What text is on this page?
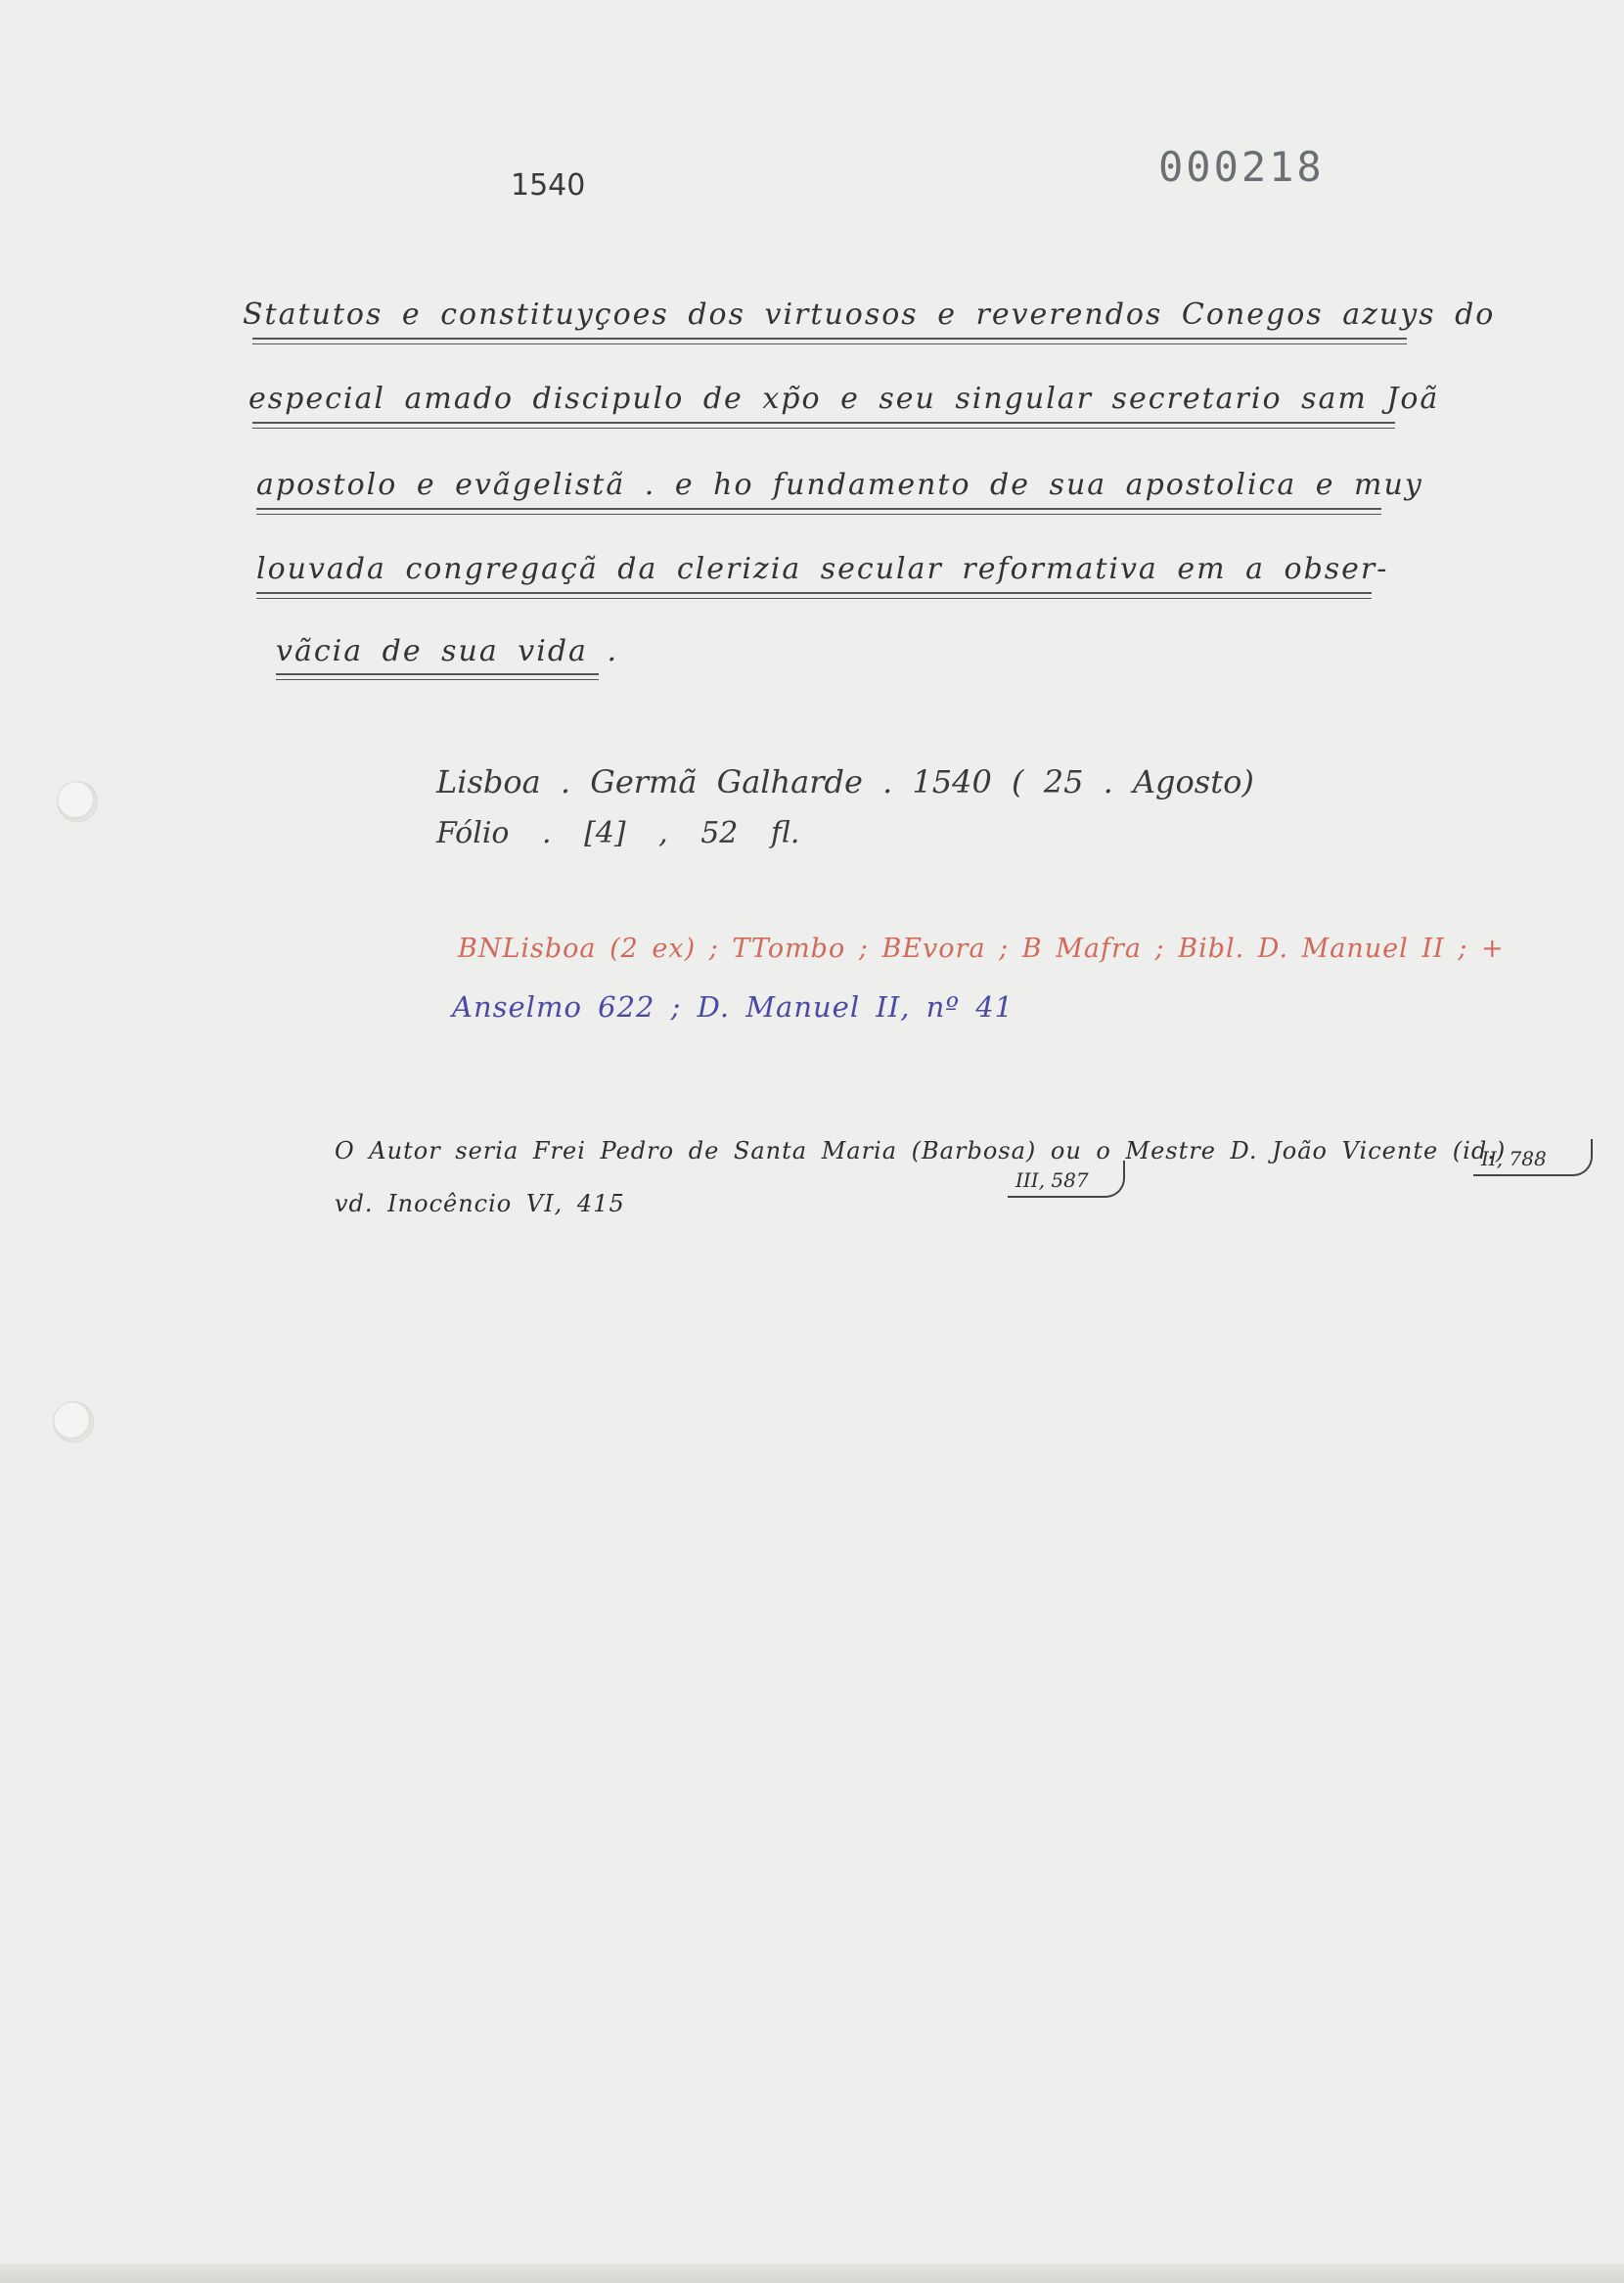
1540	000218

Statutos e constituyçoes dos virtuosos e reverendos Conegos azuys do

especial amado discipulo de xp̃o e seu singular secretario sam Joã

apostolo e evãgelistã . e ho fundamento de sua apostolica e muy

louvada congregaçã da clerizia secular reformativa em a obser-

vãcia de sua vida .

Lisboa . Germã Galharde . 1540 ( 25 . Agosto)

Fólio . [4] , 52 fl.

BNLisboa (2 ex) ; TTombo ; BEvora ; B Mafra ; Bibl. D. Manuel II ; +

Anselmo 622 ; D. Manuel II, nº 41

O Autor seria Frei Pedro de Santa Maria (Barbosa) ou o Mestre D. João Vicente (id.)

III, 587

II, 788

vd. Inocêncio VI, 415
